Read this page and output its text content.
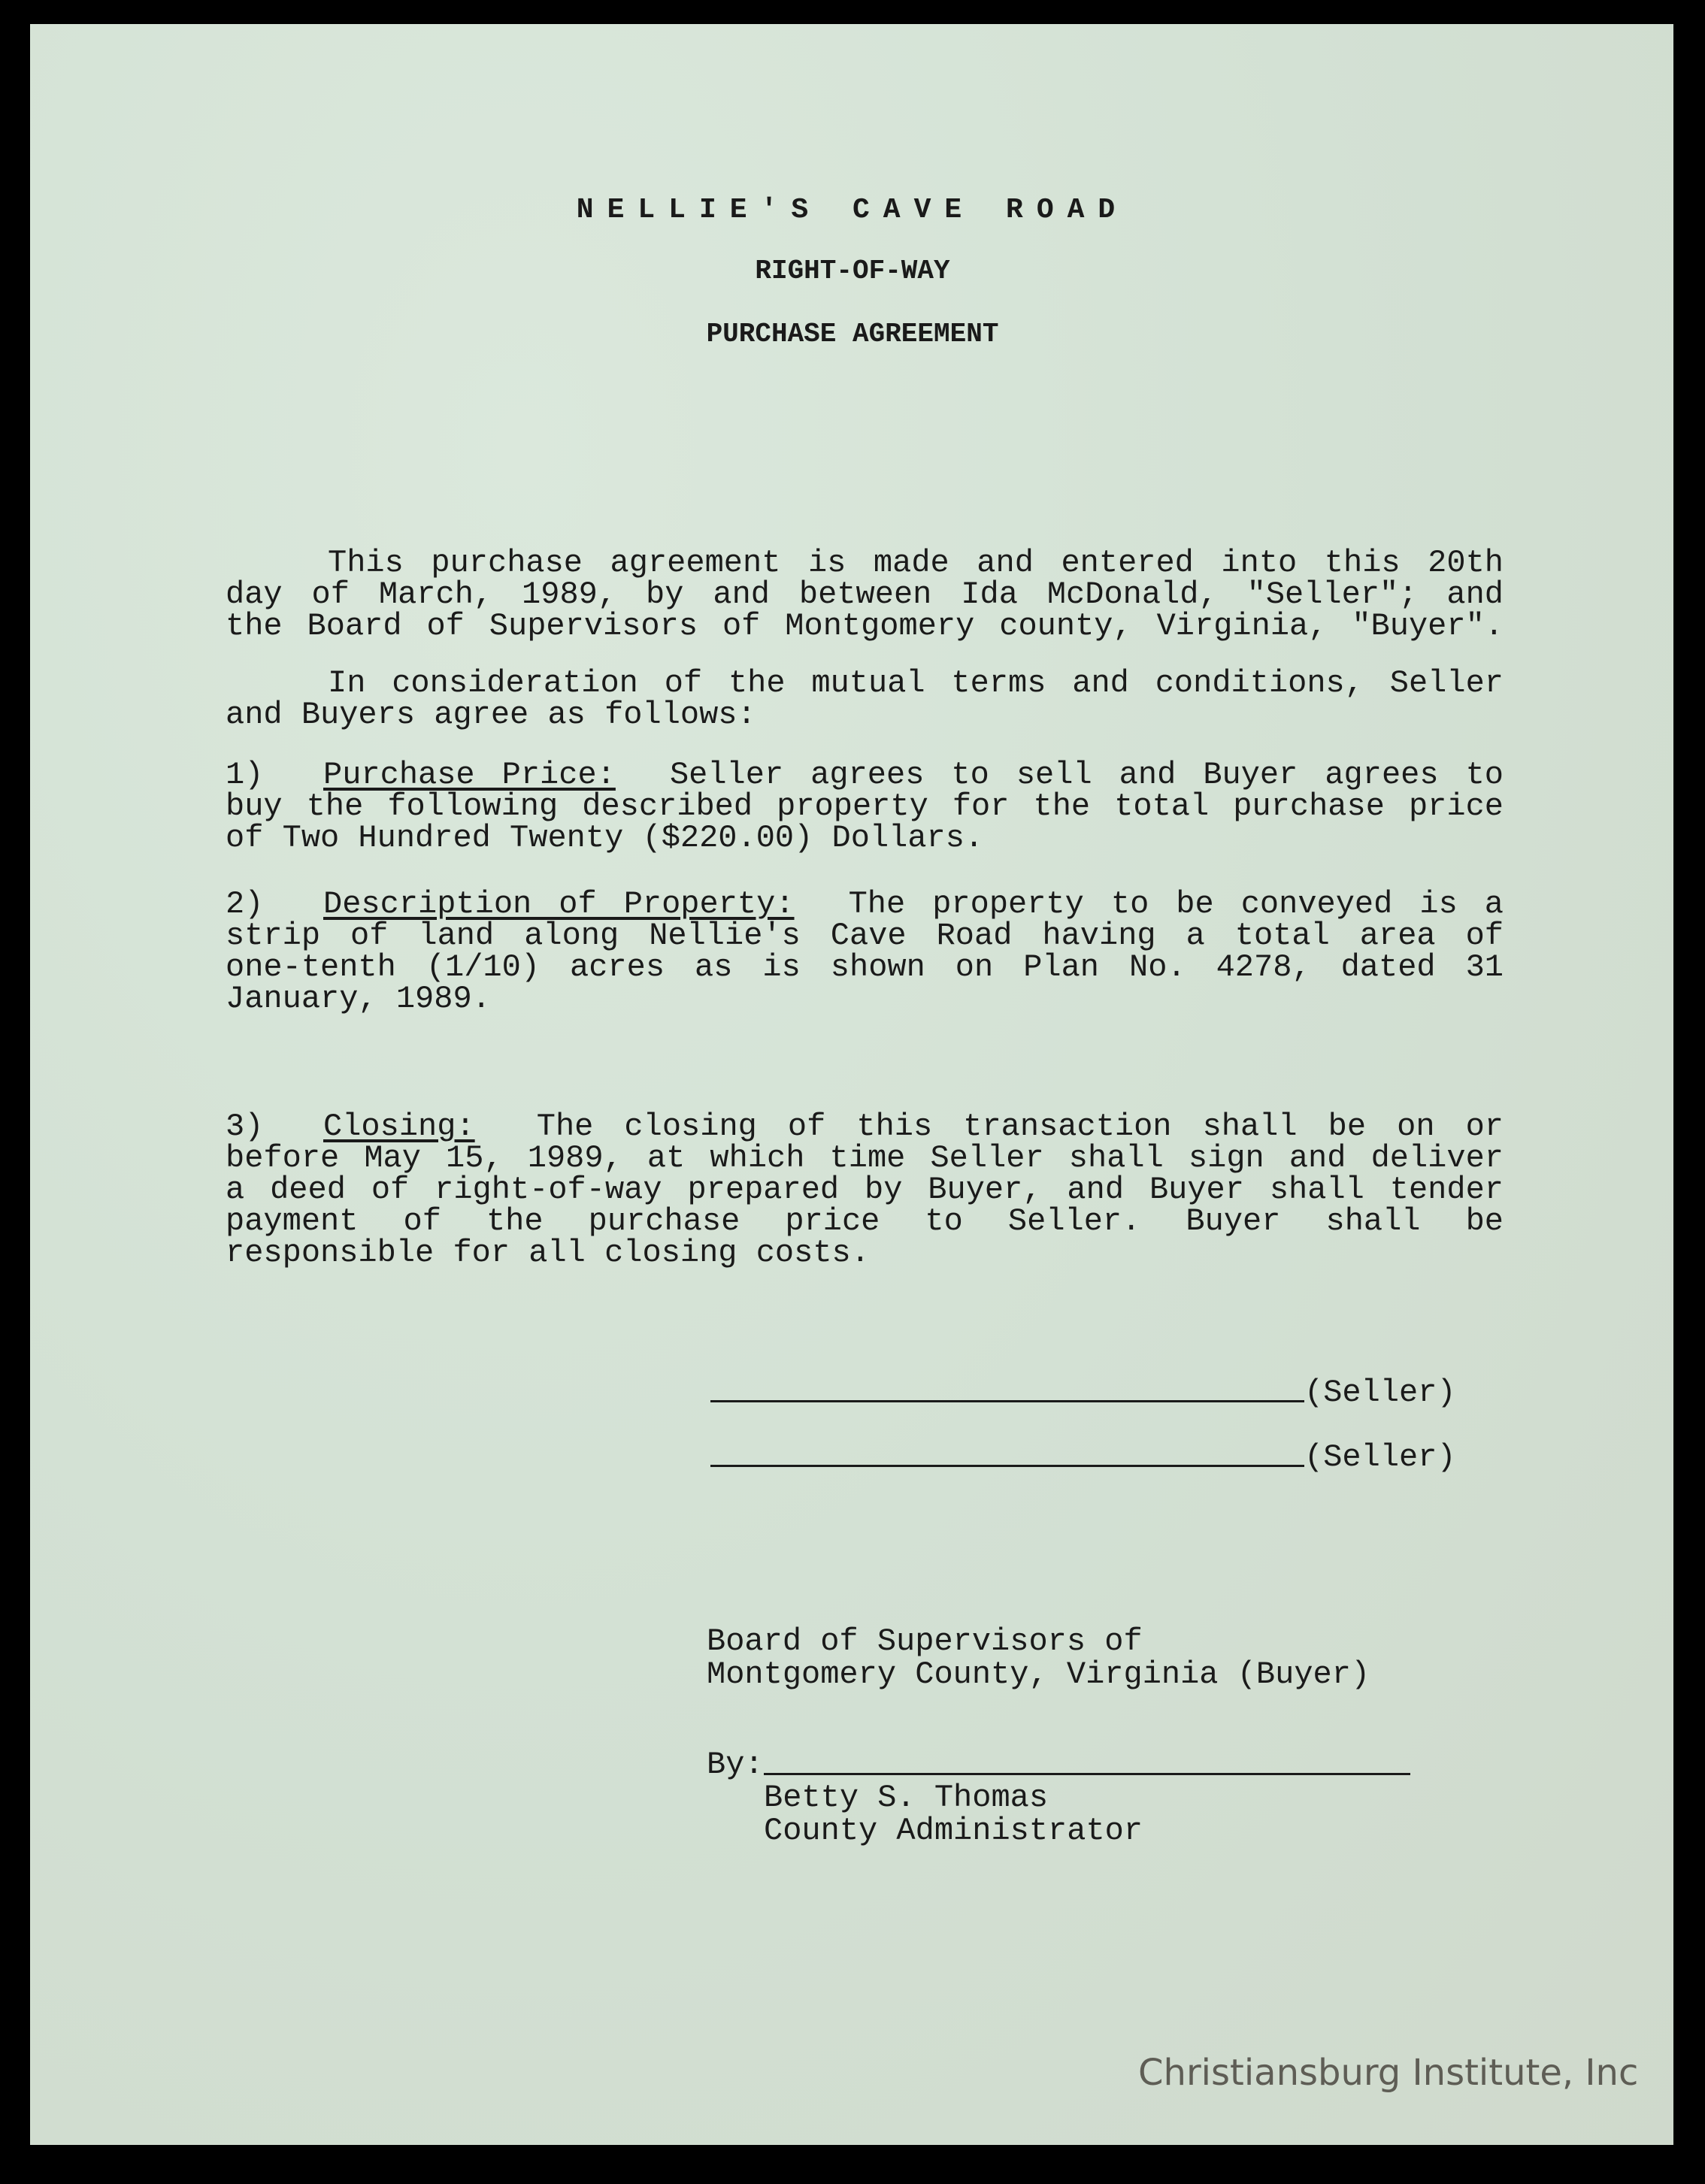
NELLIE'S CAVE ROAD
RIGHT-OF-WAY
PURCHASE AGREEMENT
This purchase agreement is made and entered into this 20th
day of March, 1989, by and between Ida McDonald, "Seller"; and
the Board of Supervisors of Montgomery county, Virginia, "Buyer".
In consideration of the mutual terms and conditions, Seller
and Buyers agree as follows:
1) Purchase Price: Seller agrees to sell and Buyer agrees to
buy the following described property for the total purchase price
of Two Hundred Twenty ($220.00) Dollars.
2) Description of Property: The property to be conveyed is a
strip of land along Nellie's Cave Road having a total area of
one-tenth (1/10) acres as is shown on Plan No. 4278, dated 31
January, 1989.
3) Closing: The closing of this transaction shall be on or
before May 15, 1989, at which time Seller shall sign and deliver
a deed of right-of-way prepared by Buyer, and Buyer shall tender
payment of the purchase price to Seller. Buyer shall be
responsible for all closing costs.
(Seller)
(Seller)
Board of Supervisors of
Montgomery County, Virginia (Buyer)
By:
Betty S. Thomas
County Administrator
Christiansburg Institute, Inc
